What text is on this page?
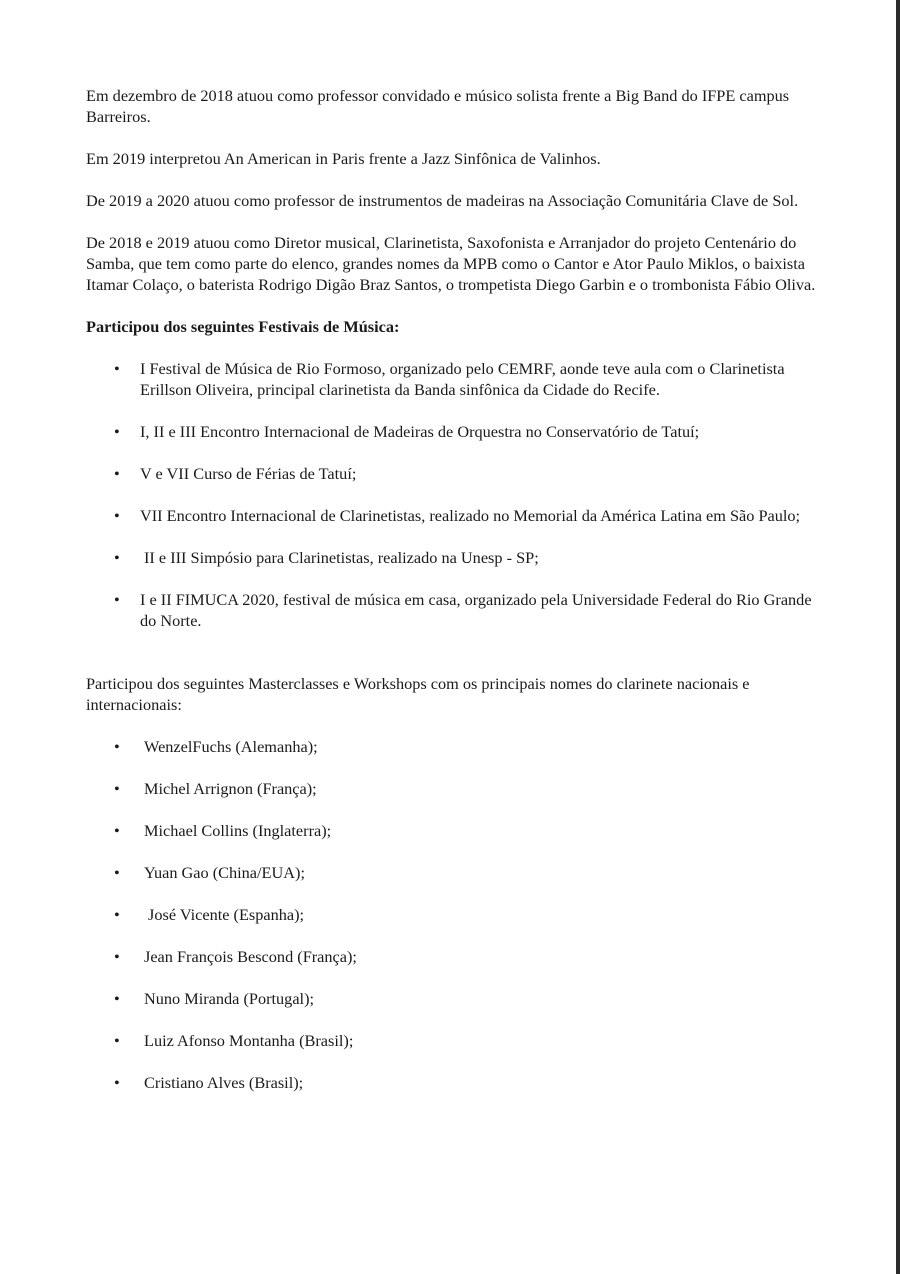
Em dezembro de 2018 atuou como professor convidado e músico solista frente a Big Band do IFPE campus Barreiros.

Em 2019 interpretou An American in Paris frente a Jazz Sinfônica de Valinhos.

De 2019 a 2020 atuou como professor de instrumentos de madeiras na Associação Comunitária Clave de Sol.

De 2018 e 2019 atuou como Diretor musical, Clarinetista, Saxofonista e Arranjador do projeto Centenário do Samba, que tem como parte do elenco, grandes nomes da MPB como o Cantor e Ator Paulo Miklos, o baixista Itamar Colaço, o baterista Rodrigo Digão Braz Santos, o trompetista Diego Garbin e o trombonista Fábio Oliva.

Participou dos seguintes Festivais de Música:

• I Festival de Música de Rio Formoso, organizado pelo CEMRF, aonde teve aula com o Clarinetista Erillson Oliveira, principal clarinetista da Banda sinfônica da Cidade do Recife.
• I, II e III Encontro Internacional de Madeiras de Orquestra no Conservatório de Tatuí;
• V e VII Curso de Férias de Tatuí;
• VII Encontro Internacional de Clarinetistas, realizado no Memorial da América Latina em São Paulo;
• II e III Simpósio para Clarinetistas, realizado na Unesp - SP;
• I e II FIMUCA 2020, festival de música em casa, organizado pela Universidade Federal do Rio Grande do Norte.

Participou dos seguintes Masterclasses e Workshops com os principais nomes do clarinete nacionais e internacionais:

• WenzelFuchs (Alemanha);
• Michel Arrignon (França);
• Michael Collins (Inglaterra);
• Yuan Gao (China/EUA);
• José Vicente (Espanha);
• Jean François Bescond (França);
• Nuno Miranda (Portugal);
• Luiz Afonso Montanha (Brasil);
• Cristiano Alves (Brasil);
